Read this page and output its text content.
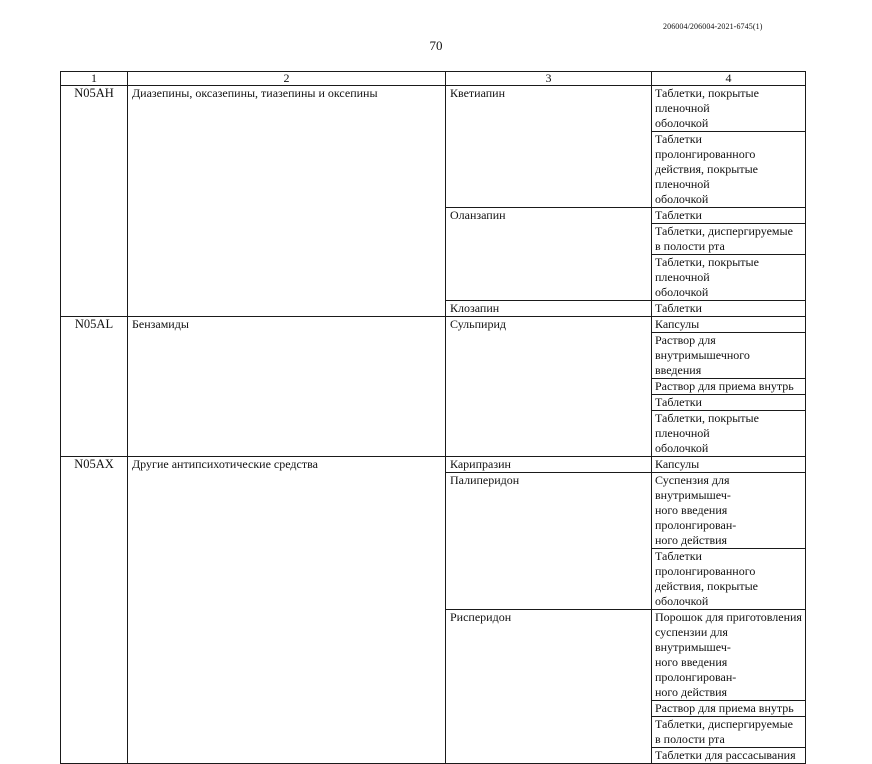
206004/206004-2021-6745(1)
70
1	2	3	4
N05AH	Диазепины, оксазепины, тиазепины и оксепины	Кветиапин	Таблетки, покрытые пленочной
оболочкой
			Таблетки пролонгированного
действия, покрытые пленочной
оболочкой
		Оланзапин	Таблетки
			Таблетки, диспергируемые
в полости рта
			Таблетки, покрытые пленочной
оболочкой
		Клозапин	Таблетки
N05AL	Бензамиды	Сульпирид	Капсулы
			Раствор для внутримышечного
введения
			Раствор для приема внутрь
			Таблетки
			Таблетки, покрытые пленочной
оболочкой
N05AX	Другие антипсихотические средства	Карипразин	Капсулы
		Палиперидон	Суспензия для внутримышеч-
ного введения пролонгирован-
ного действия
			Таблетки пролонгированного
действия, покрытые оболочкой
		Рисперидон	Порошок для приготовления
суспензии для внутримышеч-
ного введения пролонгирован-
ного действия
			Раствор для приема внутрь
			Таблетки, диспергируемые
в полости рта
			Таблетки для рассасывания
